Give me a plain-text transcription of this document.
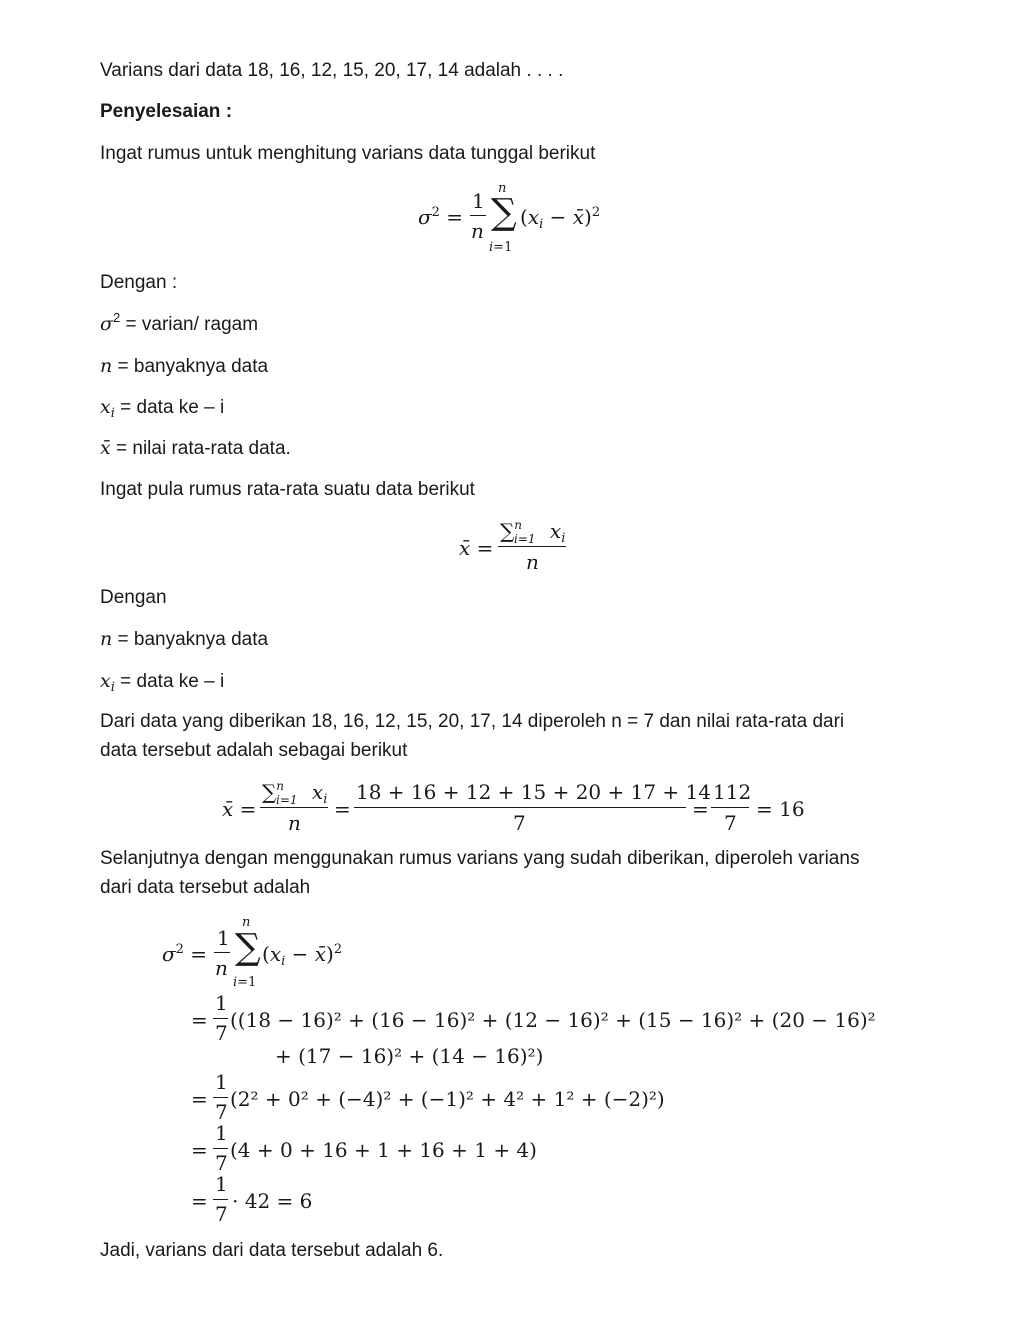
Varians dari data 18, 16, 12, 15, 20, 17, 14 adalah . . . .
Penyelesaian :
Ingat rumus untuk menghitung varians data tunggal berikut
$\sigma^2$ =
1
n
n
∑
i=1
($x_i$ − x̄)$^2$
Dengan :
$\sigma^2$ = varian/ ragam
n = banyaknya data
$x_i$ = data ke – i
x̄ = nilai rata-rata data.
Ingat pula rumus rata-rata suatu data berikut
x̄ =
∑$^n_{i=1}$ $x_i$
n
Dengan
n = banyaknya data
$x_i$ = data ke – i
Dari data yang diberikan 18, 16, 12, 15, 20, 17, 14 diperoleh n = 7 dan nilai rata-rata dari
data tersebut adalah sebagai berikut
x̄ =
∑$^n_{i=1}$ $x_i$
n
=
18 + 16 + 12 + 15 + 20 + 17 + 14
7
=
112
7
= 16
Selanjutnya dengan menggunakan rumus varians yang sudah diberikan, diperoleh varians
dari data tersebut adalah
$\sigma^2$ =
1
n
n
∑
i=1
($x_i$ − x̄)$^2$
=
1
7
((18 − 16)² + (16 − 16)² + (12 − 16)² + (15 − 16)² + (20 − 16)²
+ (17 − 16)² + (14 − 16)²)
=
1
7
(2² + 0² + (−4)² + (−1)² + 4² + 1² + (−2)²)
=
1
7
(4 + 0 + 16 + 1 + 16 + 1 + 4)
=
1
7
· 42 = 6
Jadi, varians dari data tersebut adalah 6.
